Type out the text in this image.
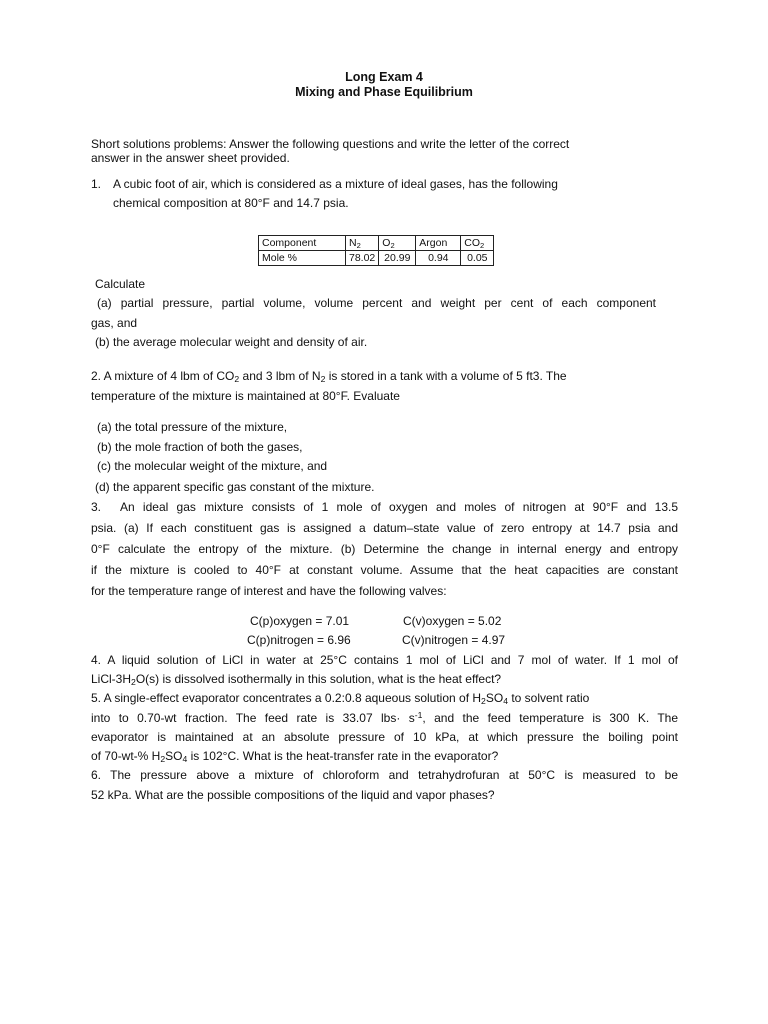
Long Exam 4
Mixing and Phase Equilibrium
Short solutions problems: Answer the following questions and write the letter of the correct
answer in the answer sheet provided.
1. A cubic foot of air, which is considered as a mixture of ideal gases, has the following
chemical composition at 80°F and 14.7 psia.
Component	$N_2$	$O_2$	Argon	$CO_2$
Mole %	78.02	20.99	0.94	0.05
Calculate
(a) partial pressure, partial volume, volume percent and weight per cent of each component
gas, and
(b) the average molecular weight and density of air.
2. A mixture of 4 lbm of $CO_2$ and 3 lbm of $N_2$ is stored in a tank with a volume of 5 ft3. The
temperature of the mixture is maintained at 80°F. Evaluate
(a) the total pressure of the mixture,
(b) the mole fraction of both the gases,
(c) the molecular weight of the mixture, and
(d) the apparent specific gas constant of the mixture.
3. An ideal gas mixture consists of 1 mole of oxygen and moles of nitrogen at 90°F and 13.5
psia. (a) If each constituent gas is assigned a datum–state value of zero entropy at 14.7 psia and
0°F calculate the entropy of the mixture. (b) Determine the change in internal energy and entropy
if the mixture is cooled to 40°F at constant volume. Assume that the heat capacities are constant
for the temperature range of interest and have the following valves:
C(p)oxygen = 7.01	C(v)oxygen = 5.02
C(p)nitrogen = 6.96	C(v)nitrogen = 4.97
4. A liquid solution of LiCl in water at 25°C contains 1 mol of LiCl and 7 mol of water. If 1 mol of
LiCl-$3H_2O(s)$ is dissolved isothermally in this solution, what is the heat effect?
5. A single-effect evaporator concentrates a 0.2:0.8 aqueous solution of $H_2SO_4$ to solvent ratio
into to 0.70-wt fraction. The feed rate is 33.07 $lbs\cdot s^{-1}$, and the feed temperature is 300 K. The
evaporator is maintained at an absolute pressure of 10 kPa, at which pressure the boiling point
of 70-wt-% $H_2SO_4$ is 102°C. What is the heat-transfer rate in the evaporator?
6. The pressure above a mixture of chloroform and tetrahydrofuran at 50°C is measured to be
52 kPa. What are the possible compositions of the liquid and vapor phases?
